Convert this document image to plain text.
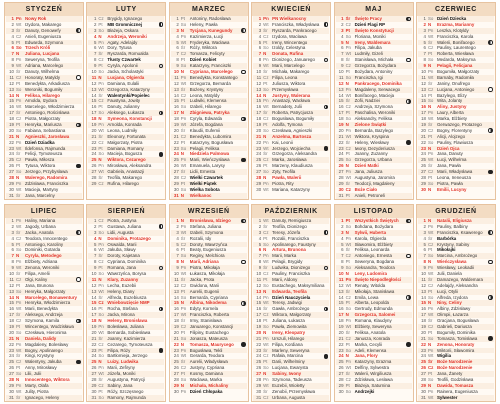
STYCZEŃ
1 Pn Nowy Rok
2 Wt Izydora, Makarego
3 Śr	Danuty, Genowefy
4 Cz Anieli, Eugeniusza
5 Pt	Edwarda, Szymona
6 So Trzech Króli
7 N	Juliana, Lucjana
8 Pn Seweryna, Teofila
9 Wt Adriana, Marcelego
10 Śr	Danuty, Wilhelma
11 Cz Honoraty, Matyldy
12 Pt	Benedykta, Arkadiusza
13 So Weroniki, Bogumiły
14 N	Feliksa, Hilarego
15 Pn Arnolda, Izydora
16 Wt Marcelego, Włodzimierza
17 Śr	Antoniego, Rościsława
18 Cz Piotra, Małgorzaty
19 Pt	Henryka, Mariusza
20 So Fabiana, Sebastiana
21 N	Agnieszki, Jarosława
22 Pn Dzień Dziadka
23 Wt Ildefonsa, Rajmunda
24 Śr	Felicji, Tymoteusza
25 Cz Pawła, Miłosza
26 Pt	Tytusa, Wiktora
27 So Jerzego, Przybysława
28 N	Walerego, Radomira
29 Pn Zdzisława, Franciszka
30 Wt Macieja, Martyny
31 Śr	Jana, Marcelny
LUTY
1 Cz Brygidy, Ignacego
2 Pt	MB Gromnicznej
3 So Błażeja, Oskara
4 N	Andrzeja, Weroniki
5 Pn Agaty, Adelajdy
6 Wt Dory, Tytusa
7 Śr	Ryszarda, Romualda
8 Cz Tłusty Czwartek
9 Pt	Cyryla, Apolonii
10 So Jacka, Scholastyki
11 N	Lucjana, Olgierda
12 Pn Damiana, Eulalii
13 Wt Grzegorza, Katarzyny
14 Śr	Walentynki/Popielec
15 Cz Faustyna, Jowity
16 Pt	Danuty, Julianny
17 So Aleksego, Łukasza
18 N	Symeona, Konstancji
19 Pn Arnolda, Konrada
20 Wt Leona, Ludmiły
21 Śr	Eleonory, Fortunata
22 Cz Małgorzaty, Piotra
23 Pt	Damiana, Romany
24 So Macieja, Bogusza
25 N	Wiktora, Cezarego
26 Pn Mirosława, Aleksandra
27 Wt Gabriela, Anastazji
28 Śr	Teofila, Makarego
29 Cz Rufina, Hilarego
MARZEC
1 Pt	Antoniny, Radosława
2 So Heleny, Pawła
3 N	Tycjana, Kunegundy
4 Pn Kazimierza, Łucji
5 Wt Fryderyka, Wacława
6 Śr	Róży, Wiktora
7 Cz Tomasza, Felicyty
8 Pt	Dzień Kobiet
9 So Katarzyny, Franciszki
10 N	Cypriana, Marcelego
11 Pn Benedykta, Konstantego
12 Wt Grzegorza, Bernarda
13 Śr	Bożeny, Krystyny
14 Cz Leona, Matyldy
15 Pt	Ludwiki, Klemensa
16 So Izabeli, Hilarego
17 N	Zbigniewa, Patryka
18 Pn Cyryla, Edwarda
19 Wt Józefa, Bogdana
20 Śr	Klaudii, Eufemii
21 Cz Benedykta, Lubomira
22 Pt	Katarzyny, Bogusława
23 So Pelagii, Feliksa
24 N	Niedziela Palmowa
25 Pn Marii, Wieńczysława
26 Wt Emanuela, Larysy
27 Śr	Lidii, Ernesta
28 Cz Wielki Czwartek
29 Pt	Wielki Piątek
30 So Wielka Sobota
31 N	Wielkanoc
KWIECIEŃ
1 Pn PN Wielkanocny
2 Wt Franciszka, Władysława
3 Śr	Ryszarda, Pankracego
4 Cz Izydora, Wacława
5 Pt	Ireny, Wincentego
6 So Izoldy, Celestyna
7 N	Donata, Rufina
8 Pn Dionizego, Januarego
9 Wt Marii, Marcelego
10 Śr	Michała, Makarego
11 Cz Filipa, Leona
12 Pt	Juliusza, Wiktora
13 So Przemysława
14 N	Justyny, Walerana
15 Pn Anastazji, Wacława
16 Wt Bernadety, Julii
17 Śr	Roberta, Patrycjusza
18 Cz Bogusława, Bogumiły
19 Pt	Adolfa, Tymona
20 So Czesława, Agnieszki
21 N	Anzelma, Bartosza
22 Pn Kai, Leonii
23 Wt Jerzego, Wojciecha
24 Śr	Grzegorza, Aleksandra
25 Cz Marka, Jarosława
26 Pt	Marzeny, Klaudiusza
27 So Zyty, Teofila
28 N	Pawła, Walerii
29 Pn Piotra, Rity
30 Wt Mariana, Katarzyny
MAJ
1 Śr Święto Pracy
2 Cz Dzień Flagi RP
3 Pt	Święto Konstytucji
4 So Floriana, Moniki
5 N	Ireny, Waldemara
6 Pn Filipa, Jakuba
7 Wt Ludmiły, Gizeli
8 Śr	Stanisława, Michała
9 Cz Grzegorza, Bożydara
10 Pt	Bożydara, Antoniny
11 So Franciszka, Igi
12 N	Pankracego, Dominika
13 Pn Magdaleny, Serwacego
14 Wt Bonifacego, Macieja
15 Śr	Zofii, Nadziei
16 Cz Andrzeja, Szymona
17 Pt	Paschalisa, Weroniki
18 So Aleksandry, Feliksa
19 N	Zielone Świątki
20 Pn Bernarda, Bazylego
21 Wt Wiktora, Kryspina
22 Śr	Heleny, Wiesławy
23 Cz Iwony, Dezyderiusza
24 Pt	Joanny, Zuzanny
25 So Grzegorza, Urbana
26 N	Dzień Matki
27 Pn Jana, Juliusza
28 Wt Augustyna, Jaromira
29 Śr	Teodozji, Magdaleny
30 Cz Boże Ciało
31 Pt	Anieli, Petroneli
CZERWIEC
1 So Dzień Dziecka
2 N	Erazma, Marianny
3 Pn Leszka, Klotyldy
4 Wt Franciszka, Karola
5 Śr	Walerii, Bonifacego
6 Cz Pauliny, Laurentego
7 Pt	Roberta, Wiesława
8 So Medarda, Maksyma
9 N	Pelagii, Felicjana
10 Pn Bogumiła, Małgorzaty
11 Wt Barnaby, Radomiła
12 Śr	Janiny, Onufrego
13 Cz Lucjana, Antoniego
14 Pt	Bazylego, Elizy
15 So Wita, Jolanty
16 N	Aliny, Justyny
17 Pn Laury, Alberta
18 Wt Marka, Elżbiety
19 Śr	Gerwazego, Protazego
20 Cz Bogny, Florentyny
21 Pt	Alicji, Alojzego
22 So Pauliny, Flawiusza
23 N	Dzień Ojca
24 Pn Jana, Danuty
25 Wt Łucji, Wilhelma
26 Śr	Jana, Pawła
27 Cz Marii, Władysława
28 Pt	Leona, Ireneusza
29 So Piotra, Pawła
30 N	Emilii, Lucyny
LIPIEC
1 Pn Haliny, Mariana
2 Wt Jagody, Urbana
3 Śr	Jacka, Anatola
4 Cz Teodora, Innocentego
5 Pt	Antoniego, Karoliny
6 So Dominiki, Gotarda
7 N	Cyryla, Metodego
8 Pn Elżbiety, Adriana
9 Wt Zenona, Weroniki
10 Śr	Filipa, Amelii
11 Cz Olgi, Kaliny
12 Pt	Jana, Brunona
13 So Henryka, Małgorzaty
14 N	Marcelego, Bonawentury
15 Pn Henryka, Włodzimierza
16 Wt Marii, Benedykta
17 Śr	Aleksego, Andrzeja
18 Cz Szymona, Kamila
19 Pt	Wincentego, Wodzisława
20 So Czesława, Hieronima
21 N	Daniela, Dalidy
22 Pn Magdaleny, Bolesławy
23 Wt Bogny, Apolinarego
24 Śr	Kingi, Krystyny
25 Cz Walentyny, Jakuba
26 Pt	Anny, Mirosławy
27 So Lilii, Julii
28 N	Innocentego, Wiktora
29 Pn Marty, Olafa
30 Wt Julity, Piotra
31 Śr	Ignacego, Heleny
SIERPIEŃ
1 Cz Piotra, Justyna
2 Pt	Gustawa, Juliana
3 So Lidii, Augusta
4 N	Dominika, Protazego
5 Pn Oswalda, Marii
6 Wt Jakuba, Sławy
7 Śr	Doroty, Kajetana
8 Cz Cypriana, Dominika
9 Pt	Romana, Jana
10 So Wawrzyńca, Borysa
11 N	Klary, Zuzanny
12 Pn Lecha, Euzebii
13 Wt Heleny, Diany
14 Śr	Alfreda, Euzebiusza
15 Cz Wniebowzięcie NMP
16 Pt	Rocha, Stefana
17 So Jacka, Mirona
18 N	Heleny, Bronisława
19 Pn Bolesława, Juliana
20 Wt Bernarda, Sobiesława
21 Śr	Joanny, Kazimierza
22 Cz Cezarego, Tymoteusza
23 Pt	Filipa, Róży
24 So Bartłomieja, Jerzego
25 N	Luizy, Ludwika
26 Pn Marii, Zefiryny
27 Wt Józefa, Moniki
28 Śr	Augustyna, Patrycji
29 Cz Sabiny, Jana
30 Pt	Róży, Szczęsnego
31 So Ramony, Rajmunda
WRZESIEŃ
1 N	Bronisława, Idziego
2 Pn Stefana, Juliana
3 Wt Izabeli, Szymona
4 Śr	Rozalii, Idy
5 Cz Doroty, Wawrzyńca
6 Pt	Beaty, Eugeniusza
7 So Reginy, Melchiora
8 N	Marii, Adriana
9 Pn Piotra, Mikołaja
10 Wt Łukasza, Mikołaja
11 Śr	Jacka, Prota
12 Cz Gwidona, Marii
13 Pt	Aurelii, Eugenii
14 So Bernarda, Cypriana
15 N	Albina, Nikodema
16 Pn Edyty, Kornela
17 Wt Franciszka, Roberta
18 Śr	Irmy, Stanisława
19 Cz Januarego, Konstancji
20 Pt	Filipiny, Eustachego
21 So Jonasza, Mateusza
22 N	Tomasza, Maurycego
23 Pn Bogusława, Tekli
24 Wt Gerarda, Teodora
25 Śr	Aurelii, Władysława
26 Cz Justyny, Cypriana
27 Pt	Kosmy, Damiana
28 So Wacława, Marka
29 N	Michała, Michaliny
30 Pn Dzień Chłopaka
PAŹDZIERNIK
1 Wt Danuty, Remigiusza
2 Śr	Teofila, Dionizego
3 Cz Teresy, Józefa
4 Pt	Rozalii, Franciszka
5 So Apolinarego, Faustyny
6 N	Artura, Brunona
7 Pn Marii, Marka
8 Wt Pelagii, Brygidy
9 Śr	Ludwika, Dionizego
10 Cz Pauliny, Franciszka
11 Pt	Marii, Aldony
12 So Eustachego, Maksymiliana
13 N	Edwarda, Teofila
14 Pn Dzień Nauczyciela
15 Wt Teresy, Jadwigi
16 Śr	Gawła, Ambrożego
17 Cz Wiktora, Małgorzaty
18 Pt	Juliana, Łukasza
19 So Pawła, Ziemowita
20 N	Ireny, Kleopatry
21 Pn Urszuli, Hilarego
22 Wt Filipa, Kordiana
23 Śr	Marleny, Seweryna
24 Cz Rafała, Marcina
25 Pt	Darii, Wilhelminy
26 So Lucjana, Ewarysta
27 N	Sabiny, Iwony
28 Pn Szymona, Tadeusza
29 Wt Euzebii, Wioletty
30 Śr	Zenobii, Przemysława
31 Cz Urbana, Augusta
LISTOPAD
1 Pt	Wszystkich Świętych
2 So Bohdana, Bożydara
3 N	Sylwii, Huberta
4 Pn Karola, Olgierda
5 Wt Sławomira, Elżbiety
6 Śr	Feliksa, Leonarda
7 Cz Antoniego, Ernesta
8 Pt	Seweryna, Bogdana
9 So Aleksandra, Teodora
10 N	Leny, Ludomira
11 Pn Święto Niepodległości
12 Wt Renaty, Witolda
13 Śr	Mikołaja, Stanisława
14 Cz Emila, Lewa
15 Pt	Alberta, Leopolda
16 So Gertrudy, Edmunda
17 N	Grzegorza, Salomei
18 Pn Romana, Klaudyny
19 Wt Elżbiety, Seweryna
20 Śr	Feliksa, Anatola
21 Cz Janusza, Konrada
22 Pt	Marka, Cecylii
23 So Adeli, Klemensa
24 N	Jana, Flory
25 Pn Katarzyny, Erazma
26 Wt Delfiny, Sylwestra
27 Śr	Walerii, Wirgiliusza
28 Cz Zdzisława, Lesława
29 Pt	Błażeja, Saturnina
30 So Andrzejki
GRUDZIEŃ
1 N	Natalii, Eligiusza
2 Pn Pauliny, Balbiny
3 Wt Franciszka, Ksawerego
4 Śr	Barbórka
5 Cz Krystyny, Sabiny
6 Pt	Mikołajki
7 So Marcina, Ambrożego
8 N	Wieńczysława
9 Pn Wiesławy, Leokadii
10 Wt Julii, Daniela
11 Śr	Damazego, Waldemara
12 Cz Adelajdy, Aleksandra
13 Pt	Łucji, Otylii
14 So Alfreda, Izydora
15 N	Niny, Celiny
16 Pn Albiny, Zdzisławy
17 Wt Olimpii, Łazarza
18 Śr	Gracjana, Bogusława
19 Cz Gabrieli, Dariusza
20 Pt	Bogumiły, Dominika
21 So Tomasza, Tomisława
22 N	Zenona, Honoraty
23 Pn Wiktorii, Sławomira
24 Wt Wigilia
25 Śr Boże Narodzenie
26 Cz Boże Narodzenie
27 Pt	Jana, Żanety
28 So Teofili, Godzisława
29 N	Dawida, Tomasza
30 Pn Rainera, Eugeniusza
31 Wt Sylwester
